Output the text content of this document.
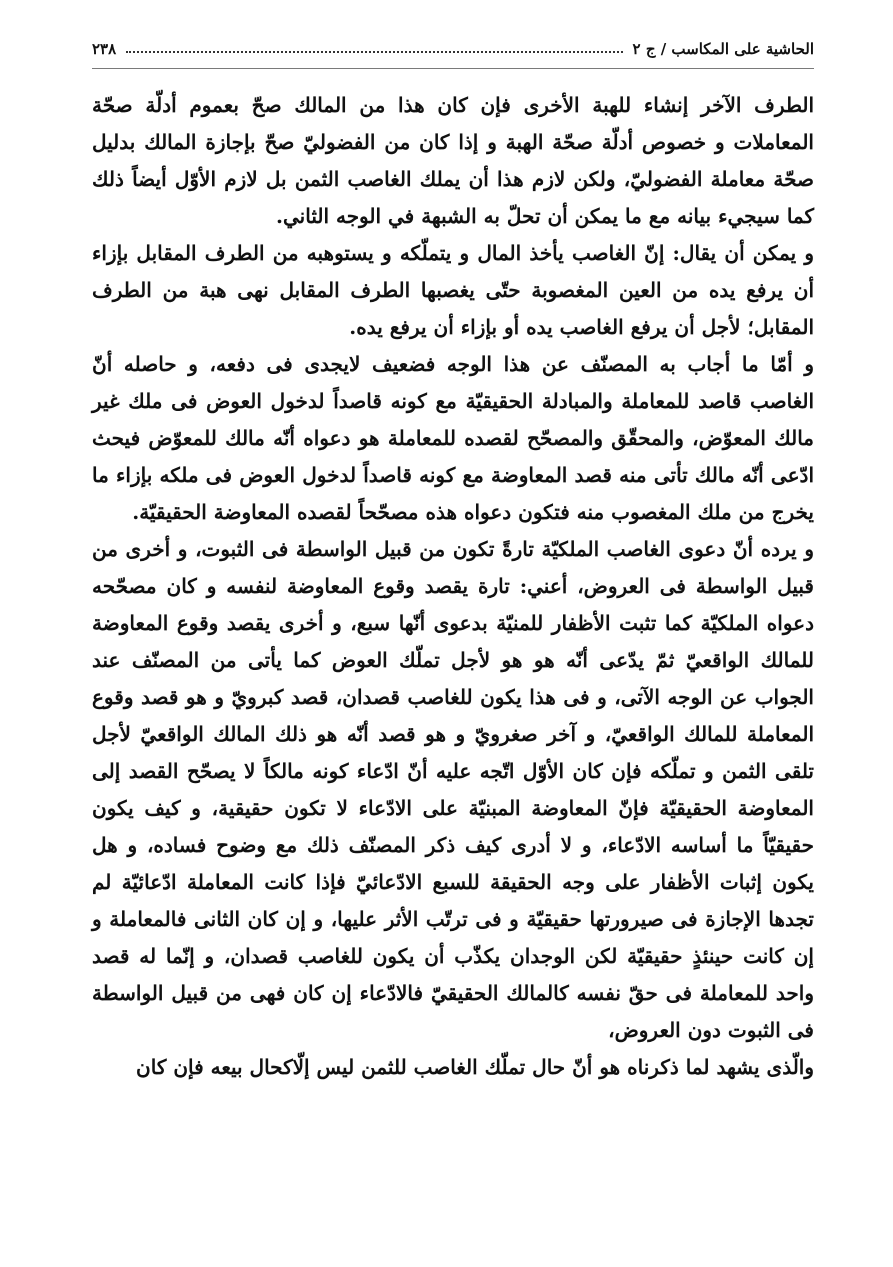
الحاشية على المكاسب / ج ٢
٢٣٨

الطرف الآخر إنشاء للهبة الأخرى فإن كان هذا من المالك صحّ بعموم أدلّة صحّة المعاملات و خصوص أدلّة صحّة الهبة و إذا كان من الفضوليّ صحّ بإجازة المالك بدليل صحّة معاملة الفضوليّ، ولكن لازم هذا أن يملك الغاصب الثمن بل لازم الأوّل أيضاً ذلك كما سيجيء بيانه مع ما يمكن أن تحلّ به الشبهة في الوجه الثاني.

و يمكن أن يقال: إنّ الغاصب يأخذ المال و يتملّكه و يستوهبه من الطرف المقابل بإزاء أن يرفع يده من العين المغصوبة حتّى يغصبها الطرف المقابل نهى هبة من الطرف المقابل؛ لأجل أن يرفع الغاصب يده أو بإزاء أن يرفع يده.

و أمّا ما أجاب به المصنّف عن هذا الوجه فضعيف لايجدى فى دفعه، و حاصله أنّ الغاصب قاصد للمعاملة والمبادلة الحقيقيّة مع كونه قاصداً لدخول العوض فى ملك غير مالك المعوّض، والمحقّق والمصحّح لقصده للمعاملة هو دعواه أنّه مالك للمعوّض فيحث ادّعى أنّه مالك تأتى منه قصد المعاوضة مع كونه قاصداً لدخول العوض فى ملكه بإزاء ما يخرج من ملك المغصوب منه فتكون دعواه هذه مصحّحاً لقصده المعاوضة الحقيقيّة.

و يرده أنّ دعوى الغاصب الملكيّة تارةً تكون من قبيل الواسطة فى الثبوت، و أخرى من قبيل الواسطة فى العروض، أعني: تارة يقصد وقوع المعاوضة لنفسه و كان مصحّحه دعواه الملكيّة كما تثبت الأظفار للمنيّة بدعوى أنّها سبع، و أخرى يقصد وقوع المعاوضة للمالك الواقعيّ ثمّ يدّعى أنّه هو هو لأجل تملّك العوض كما يأتى من المصنّف عند الجواب عن الوجه الآتى، و فى هذا يكون للغاصب قصدان، قصد كبرويّ و هو قصد وقوع المعاملة للمالك الواقعيّ، و آخر صغرويّ و هو قصد أنّه هو ذلك المالك الواقعيّ لأجل تلقى الثمن و تملّكه فإن كان الأوّل اتّجه عليه أنّ ادّعاء كونه مالكاً لا يصحّح القصد إلى المعاوضة الحقيقيّة فإنّ المعاوضة المبنيّة على الادّعاء لا تكون حقيقية، و كيف يكون حقيقيّاً ما أساسه الادّعاء، و لا أدرى كيف ذكر المصنّف ذلك مع وضوح فساده، و هل يكون إثبات الأظفار على وجه الحقيقة للسبع الادّعائيّ فإذا كانت المعاملة ادّعائيّة لم تجدها الإجازة فى صيرورتها حقيقيّة و فى ترتّب الأثر عليها، و إن كان الثانى فالمعاملة و إن كانت حينئذٍ حقيقيّة لكن الوجدان يكذّب أن يكون للغاصب قصدان، و إنّما له قصد واحد للمعاملة فى حقّ نفسه كالمالك الحقيقيّ فالادّعاء إن كان فهى من قبيل الواسطة فى الثبوت دون العروض،

والّذى يشهد لما ذكرناه هو أنّ حال تملّك الغاصب للثمن ليس إلّاكحال بيعه فإن كان
